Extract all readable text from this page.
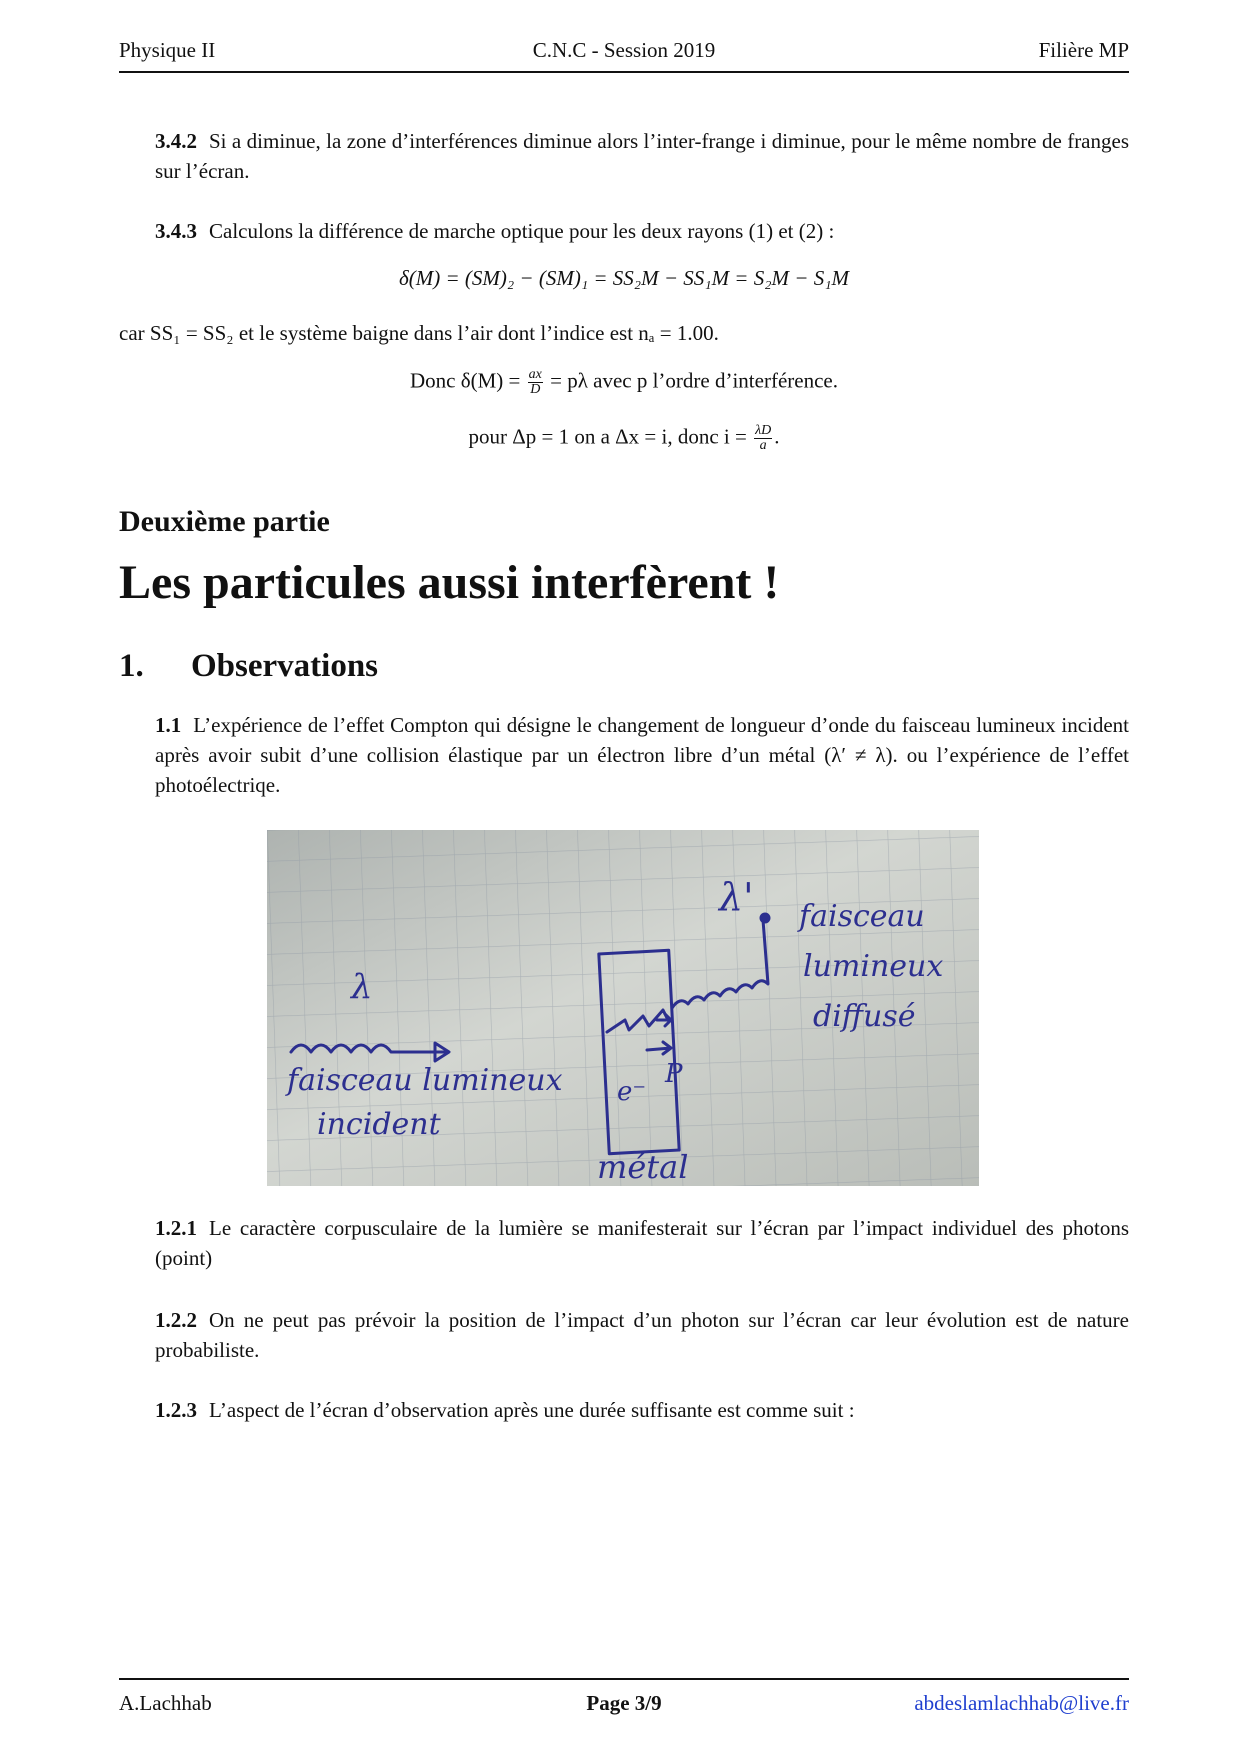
Physique II	C.N.C - Session 2019	Filière MP
3.4.2 Si a diminue, la zone d’interférences diminue alors l’inter-frange i diminue, pour le même nombre de franges sur l’écran.
3.4.3 Calculons la différence de marche optique pour les deux rayons (1) et (2) :
δ(M) = (SM)₂ − (SM)₁ = SS₂M − SS₁M = S₂M − S₁M
car SS₁ = SS₂ et le système baigne dans l’air dont l’indice est nₐ = 1.00.
Donc $\delta(M) = \frac{ax}{D} = p\lambda$ avec p l’ordre d’interférence.
pour Δp = 1 on a Δx = i, donc $i = \frac{\lambda D}{a}$ .
Deuxième partie
Les particules aussi interfèrent !
1. Observations
1.1 L’expérience de l’effet Compton qui désigne le changement de longueur d’onde du faisceau lumineux incident après avoir subit d’une collision élastique par un électron libre d’un métal (λ′ ≠ λ). ou l’expérience de l’effet photoélectriqe.
λ
λ'
faisceau lumineux
incident
faisceau
lumineux
diffusé
e⁻
P
métal
1.2.1 Le caractère corpusculaire de la lumière se manifesterait sur l’écran par l’impact individuel des photons (point)
1.2.2 On ne peut pas prévoir la position de l’impact d’un photon sur l’écran car leur évolution est de nature probabiliste.
1.2.3 L’aspect de l’écran d’observation après une durée suffisante est comme suit :
A.Lachhab	Page 3/9	abdeslamlachhab@live.fr
